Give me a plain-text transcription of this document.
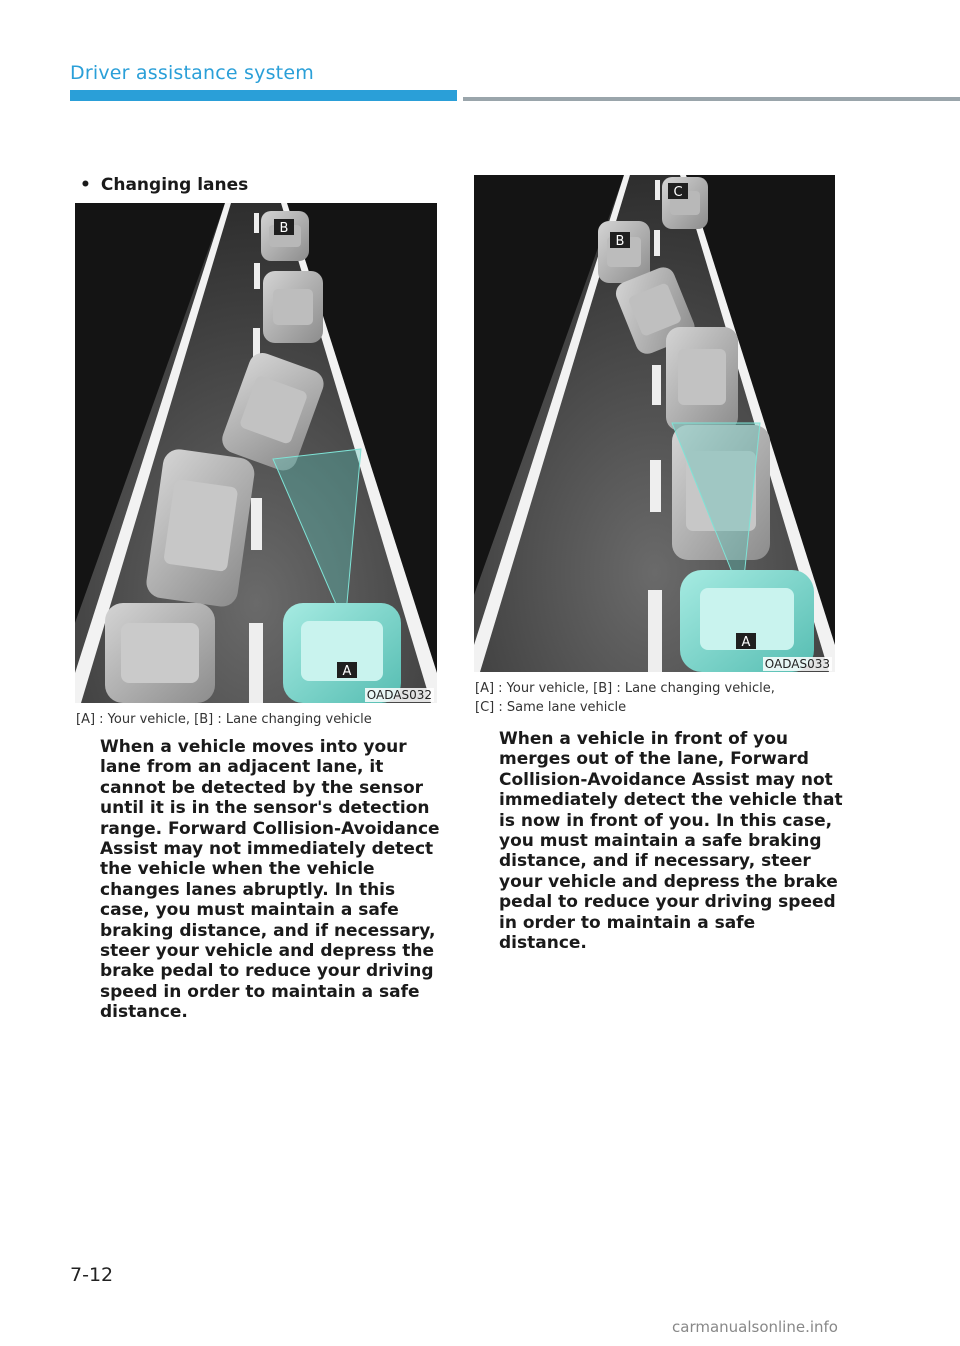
Driver assistance system
• Changing lanes
B
A
OADAS032
[A] : Your vehicle, [B] : Lane changing vehicle
When a vehicle moves into your lane from an adjacent lane, it cannot be detected by the sensor until it is in the sensor's detection range. Forward Collision-Avoidance Assist may not immediately detect the vehicle when the vehicle changes lanes abruptly. In this case, you must maintain a safe braking distance, and if necessary, steer your vehicle and depress the brake pedal to reduce your driving speed in order to maintain a safe distance.
C
B
A
OADAS033
[A] : Your vehicle, [B] : Lane changing vehicle,
[C] : Same lane vehicle
When a vehicle in front of you merges out of the lane, Forward Collision-Avoidance Assist may not immediately detect the vehicle that is now in front of you. In this case, you must maintain a safe braking distance, and if necessary, steer your vehicle and depress the brake pedal to reduce your driving speed in order to maintain a safe distance.
7-12
carmanualsonline.info
